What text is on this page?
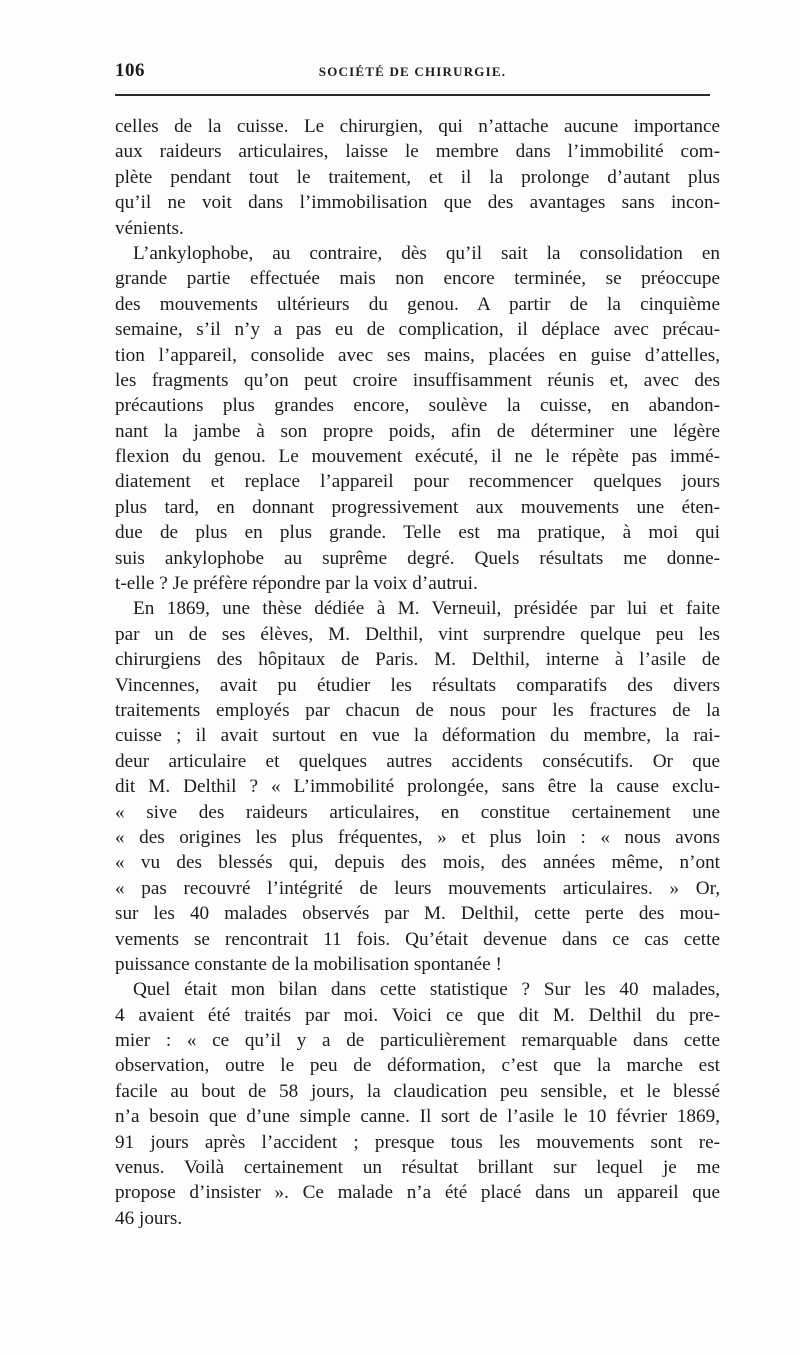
106	SOCIÉTÉ DE CHIRURGIE.
celles de la cuisse. Le chirurgien, qui n’attache aucune importance
aux raideurs articulaires, laisse le membre dans l’immobilité com-
plète pendant tout le traitement, et il la prolonge d’autant plus
qu’il ne voit dans l’immobilisation que des avantages sans incon-
vénients.
L’ankylophobe, au contraire, dès qu’il sait la consolidation en
grande partie effectuée mais non encore terminée, se préoccupe
des mouvements ultérieurs du genou. A partir de la cinquième
semaine, s’il n’y a pas eu de complication, il déplace avec précau-
tion l’appareil, consolide avec ses mains, placées en guise d’attelles,
les fragments qu’on peut croire insuffisamment réunis et, avec des
précautions plus grandes encore, soulève la cuisse, en abandon-
nant la jambe à son propre poids, afin de déterminer une légère
flexion du genou. Le mouvement exécuté, il ne le répète pas immé-
diatement et replace l’appareil pour recommencer quelques jours
plus tard, en donnant progressivement aux mouvements une éten-
due de plus en plus grande. Telle est ma pratique, à moi qui
suis ankylophobe au suprême degré. Quels résultats me donne-
t-elle ? Je préfère répondre par la voix d’autrui.
En 1869, une thèse dédiée à M. Verneuil, présidée par lui et faite
par un de ses élèves, M. Delthil, vint surprendre quelque peu les
chirurgiens des hôpitaux de Paris. M. Delthil, interne à l’asile de
Vincennes, avait pu étudier les résultats comparatifs des divers
traitements employés par chacun de nous pour les fractures de la
cuisse ; il avait surtout en vue la déformation du membre, la rai-
deur articulaire et quelques autres accidents consécutifs. Or que
dit M. Delthil ? « L’immobilité prolongée, sans être la cause exclu-
« sive des raideurs articulaires, en constitue certainement une
« des origines les plus fréquentes, » et plus loin : « nous avons
« vu des blessés qui, depuis des mois, des années même, n’ont
« pas recouvré l’intégrité de leurs mouvements articulaires. » Or,
sur les 40 malades observés par M. Delthil, cette perte des mou-
vements se rencontrait 11 fois. Qu’était devenue dans ce cas cette
puissance constante de la mobilisation spontanée !
Quel était mon bilan dans cette statistique ? Sur les 40 malades,
4 avaient été traités par moi. Voici ce que dit M. Delthil du pre-
mier : « ce qu’il y a de particulièrement remarquable dans cette
observation, outre le peu de déformation, c’est que la marche est
facile au bout de 58 jours, la claudication peu sensible, et le blessé
n’a besoin que d’une simple canne. Il sort de l’asile le 10 février 1869,
91 jours après l’accident ; presque tous les mouvements sont re-
venus. Voilà certainement un résultat brillant sur lequel je me
propose d’insister ». Ce malade n’a été placé dans un appareil que
46 jours.
